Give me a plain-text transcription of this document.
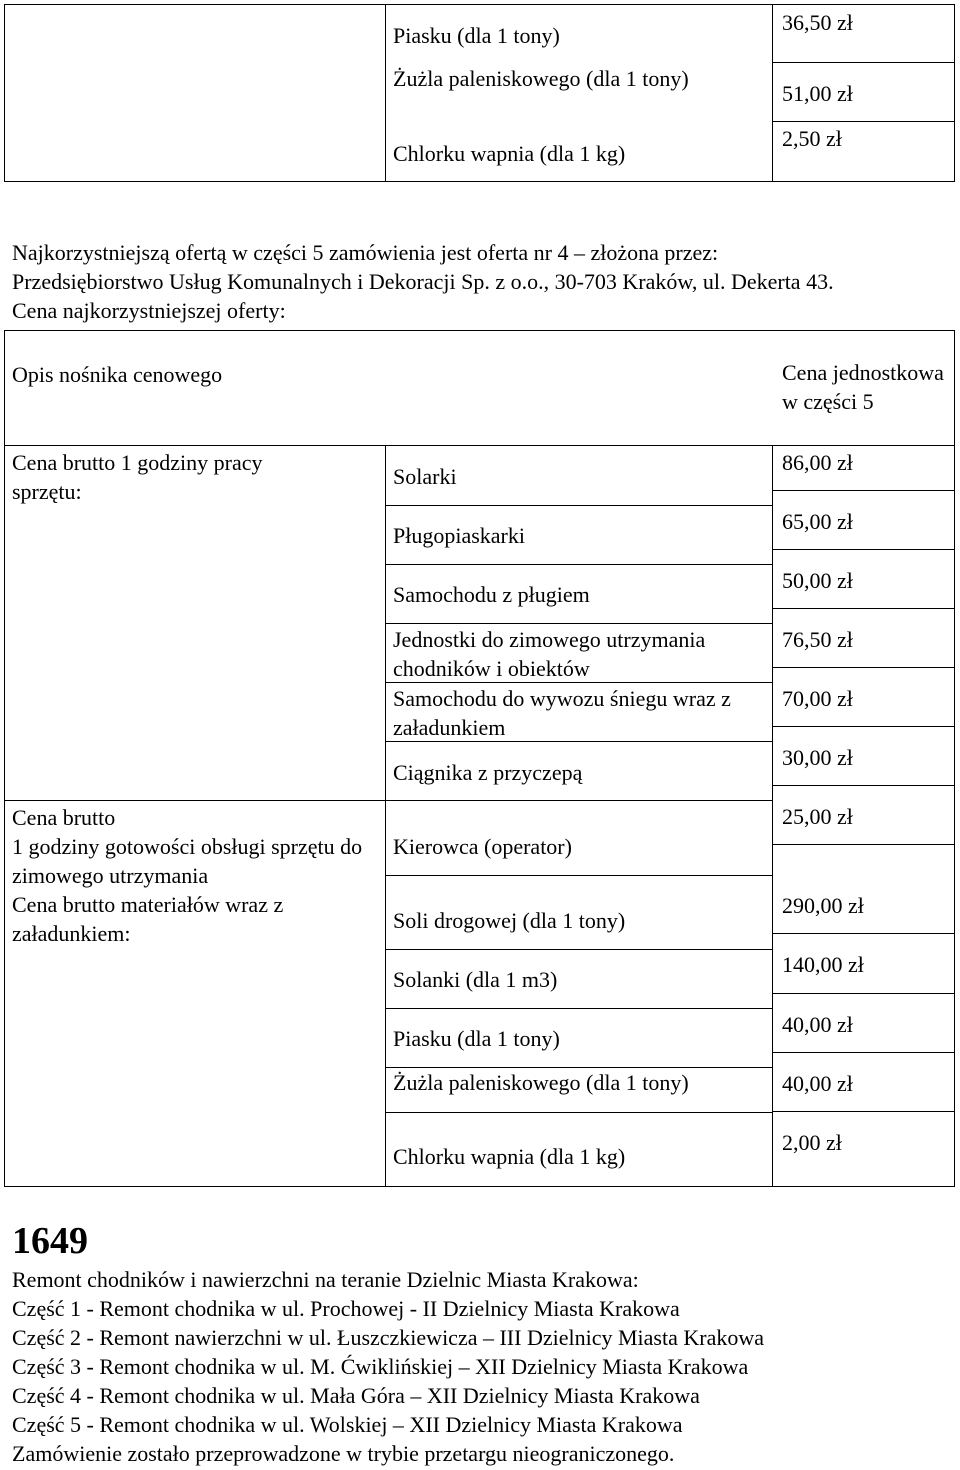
Piasku (dla 1 tony)
Żużla paleniskowego (dla 1 tony)
Chlorku wapnia (dla 1 kg)
36,50 zł
51,00 zł
2,50 zł
Najkorzystniejszą ofertą w części 5 zamówienia jest oferta nr 4 – złożona przez:
Przedsiębiorstwo Usług Komunalnych i Dekoracji Sp. z o.o., 30-703 Kraków, ul. Dekerta 43.
Cena najkorzystniejszej oferty:
Opis nośnika cenowego	Cena jednostkowa w części 5
Cena brutto 1 godziny pracy sprzętu:
Cena brutto
1 godziny gotowości obsługi sprzętu do zimowego utrzymania
Cena brutto materiałów wraz z załadunkiem:
Solarki
Pługopiaskarki
Samochodu z pługiem
Jednostki do zimowego utrzymania chodników i obiektów
Samochodu do wywozu śniegu wraz z załadunkiem
Ciągnika z przyczepą
Kierowca (operator)
Soli drogowej (dla 1 tony)
Solanki (dla 1 m3)
Piasku (dla 1 tony)
Żużla paleniskowego (dla 1 tony)
Chlorku wapnia (dla 1 kg)
86,00 zł
65,00 zł
50,00 zł
76,50 zł
70,00 zł
30,00 zł
25,00 zł
290,00 zł
140,00 zł
40,00 zł
40,00 zł
2,00 zł
1649
Remont chodników i nawierzchni na teranie Dzielnic Miasta Krakowa:
Część 1 - Remont chodnika w ul. Prochowej - II Dzielnicy Miasta Krakowa
Część 2 - Remont nawierzchni w ul. Łuszczkiewicza – III Dzielnicy Miasta Krakowa
Część 3 - Remont chodnika w ul. M. Ćwiklińskiej – XII Dzielnicy Miasta Krakowa
Część 4 - Remont chodnika w ul. Mała Góra – XII Dzielnicy Miasta Krakowa
Część 5 - Remont chodnika w ul. Wolskiej – XII Dzielnicy Miasta Krakowa
Zamówienie zostało przeprowadzone w trybie przetargu nieograniczonego.
